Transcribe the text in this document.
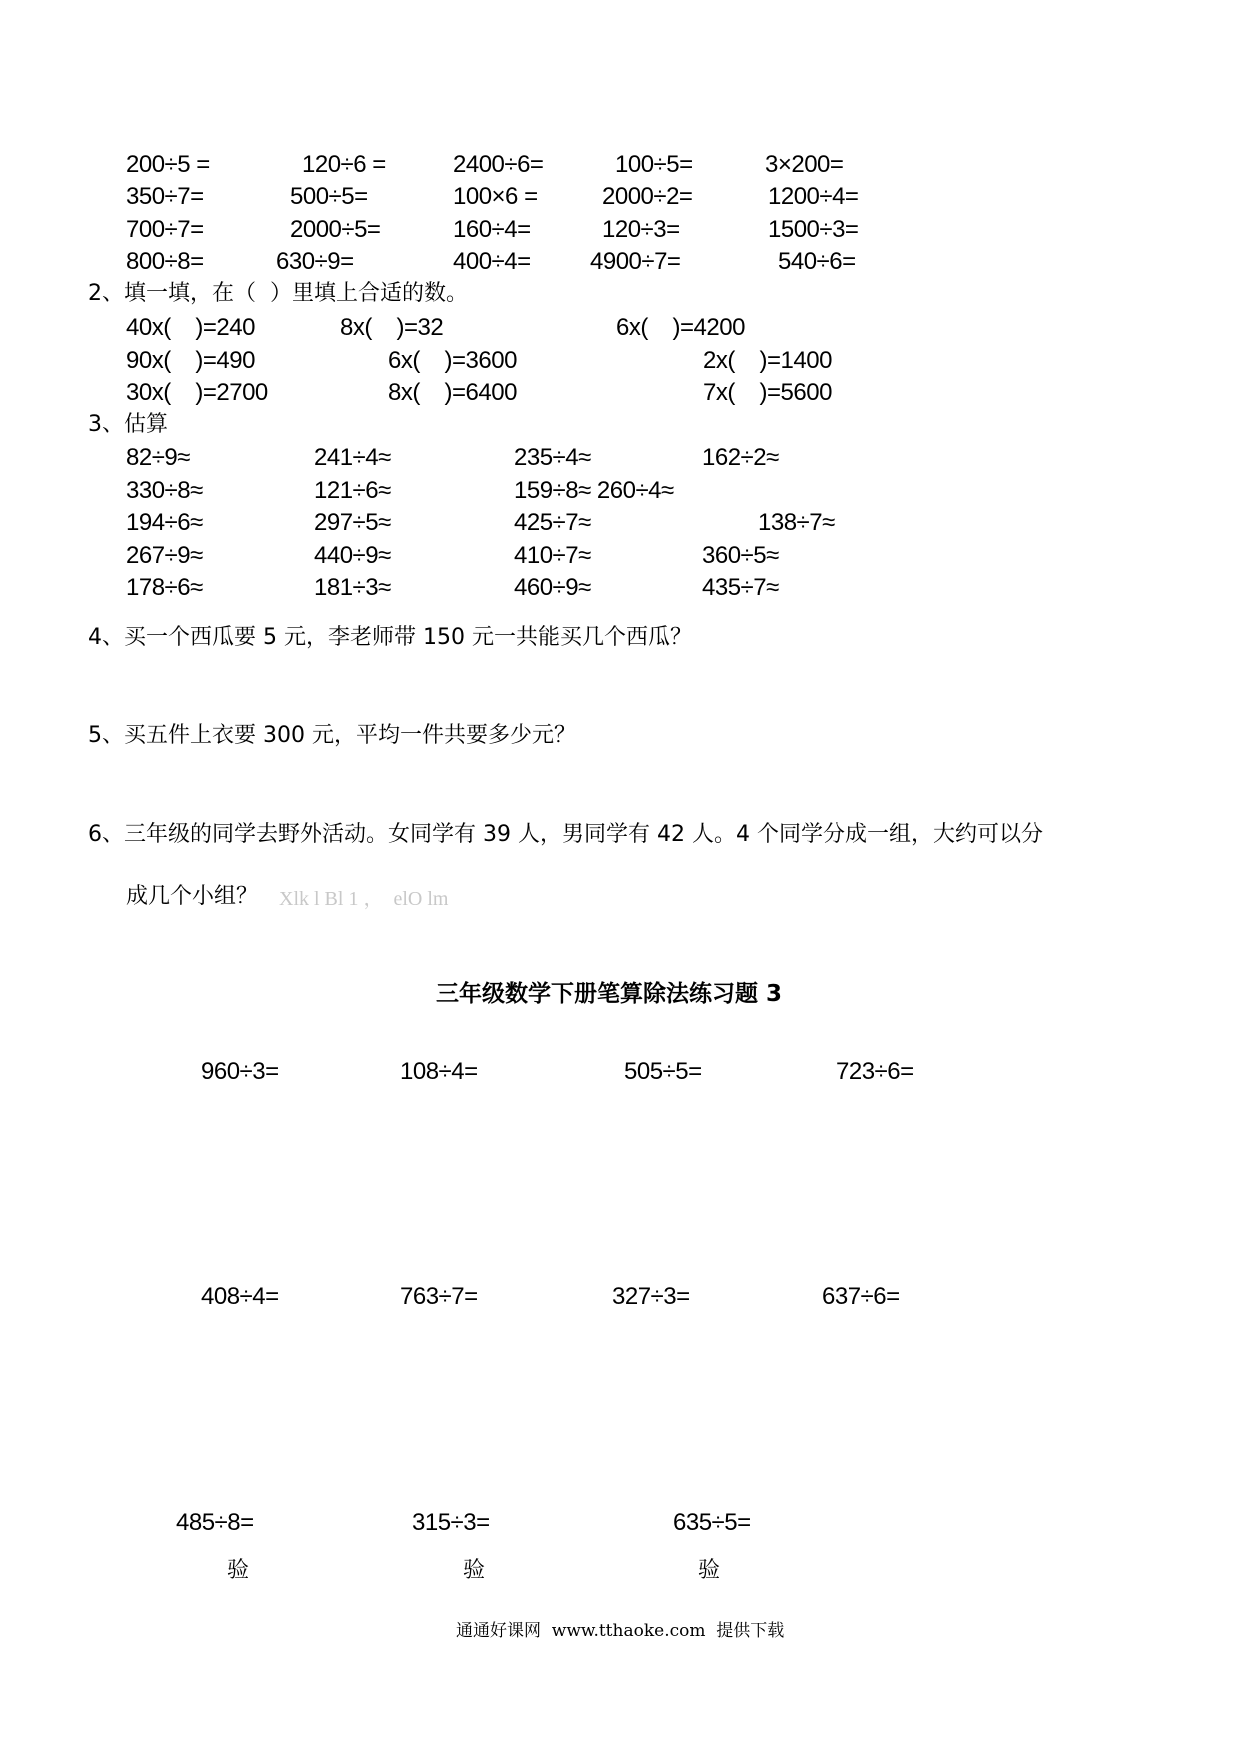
200÷5 =	120÷6 =	2400÷6=	100÷5=	3×200=
350÷7=	500÷5=	100×6 =	2000÷2=	1200÷4=
700÷7=	2000÷5=	160÷4=	120÷3=	1500÷3=
800÷8=	630÷9=	400÷4= 4900÷7=	540÷6=
2、填一填，在（  ）里填上合适的数。
40x(    )=240	8x(    )=32	6x(    )=4200
90x(    )=490	6x(    )=3600	2x(    )=1400
30x(    )=2700	8x(    )=6400	7x(    )=5600
3、估算
82÷9≈	241÷4≈	235÷4≈	162÷2≈
330÷8≈	121÷6≈	159÷8≈ 260÷4≈
194÷6≈	297÷5≈	425÷7≈	138÷7≈
267÷9≈	440÷9≈	410÷7≈	360÷5≈
178÷6≈	181÷3≈	460÷9≈	435÷7≈
4、买一个西瓜要 5 元，李老师带 150 元一共能买几个西瓜？
5、买五件上衣要 300 元，平均一件共要多少元？
6、三年级的同学去野外活动。女同学有 39 人，男同学有 42 人。4 个同学分成一组，大约可以分
成几个小组？ Xlk l Bl 1 ，  elO lm
三年级数学下册笔算除法练习题 3
960÷3=	108÷4=	505÷5=	723÷6=
408÷4=	763÷7=	327÷3=	637÷6=
485÷8=	315÷3=	635÷5=
验	验	验
通通好课网  www.tthaoke.com  提供下载
